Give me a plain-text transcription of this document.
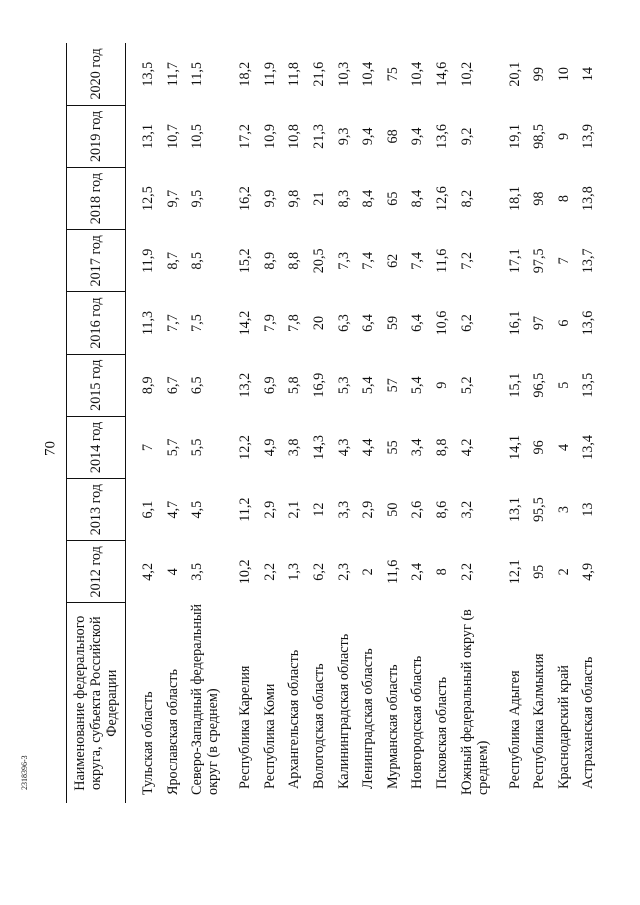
70
2318396-3	Наименование федерального округа, субъекта Российской Федерации	2012 год	2013 год	2014 год	2015 год	2016 год	2017 год	2018 год	2019 год	2020 год

Тульская область	4,2	6,1	7	8,9	11,3	11,9	12,5	13,1	13,5
Ярославская область	4	4,7	5,7	6,7	7,7	8,7	9,7	10,7	11,7
Северо-Западный федеральный округ (в среднем)	3,5	4,5	5,5	6,5	7,5	8,5	9,5	10,5	11,5

Республика Карелия	10,2	11,2	12,2	13,2	14,2	15,2	16,2	17,2	18,2
Республика Коми	2,2	2,9	4,9	6,9	7,9	8,9	9,9	10,9	11,9
Архангельская область	1,3	2,1	3,8	5,8	7,8	8,8	9,8	10,8	11,8
Вологодская область	6,2	12	14,3	16,9	20	20,5	21	21,3	21,6
Калининградская область	2,3	3,3	4,3	5,3	6,3	7,3	8,3	9,3	10,3
Ленинградская область	2	2,9	4,4	5,4	6,4	7,4	8,4	9,4	10,4
Мурманская область	11,6	50	55	57	59	62	65	68	75
Новгородская область	2,4	2,6	3,4	5,4	6,4	7,4	8,4	9,4	10,4
Псковская область	8	8,6	8,8	9	10,6	11,6	12,6	13,6	14,6
Южный федеральный округ (в среднем)	2,2	3,2	4,2	5,2	6,2	7,2	8,2	9,2	10,2

Республика Адыгея	12,1	13,1	14,1	15,1	16,1	17,1	18,1	19,1	20,1
Республика Калмыкия	95	95,5	96	96,5	97	97,5	98	98,5	99
Краснодарский край	2	3	4	5	6	7	8	9	10
Астраханская область	4,9	13	13,4	13,5	13,6	13,7	13,8	13,9	14
